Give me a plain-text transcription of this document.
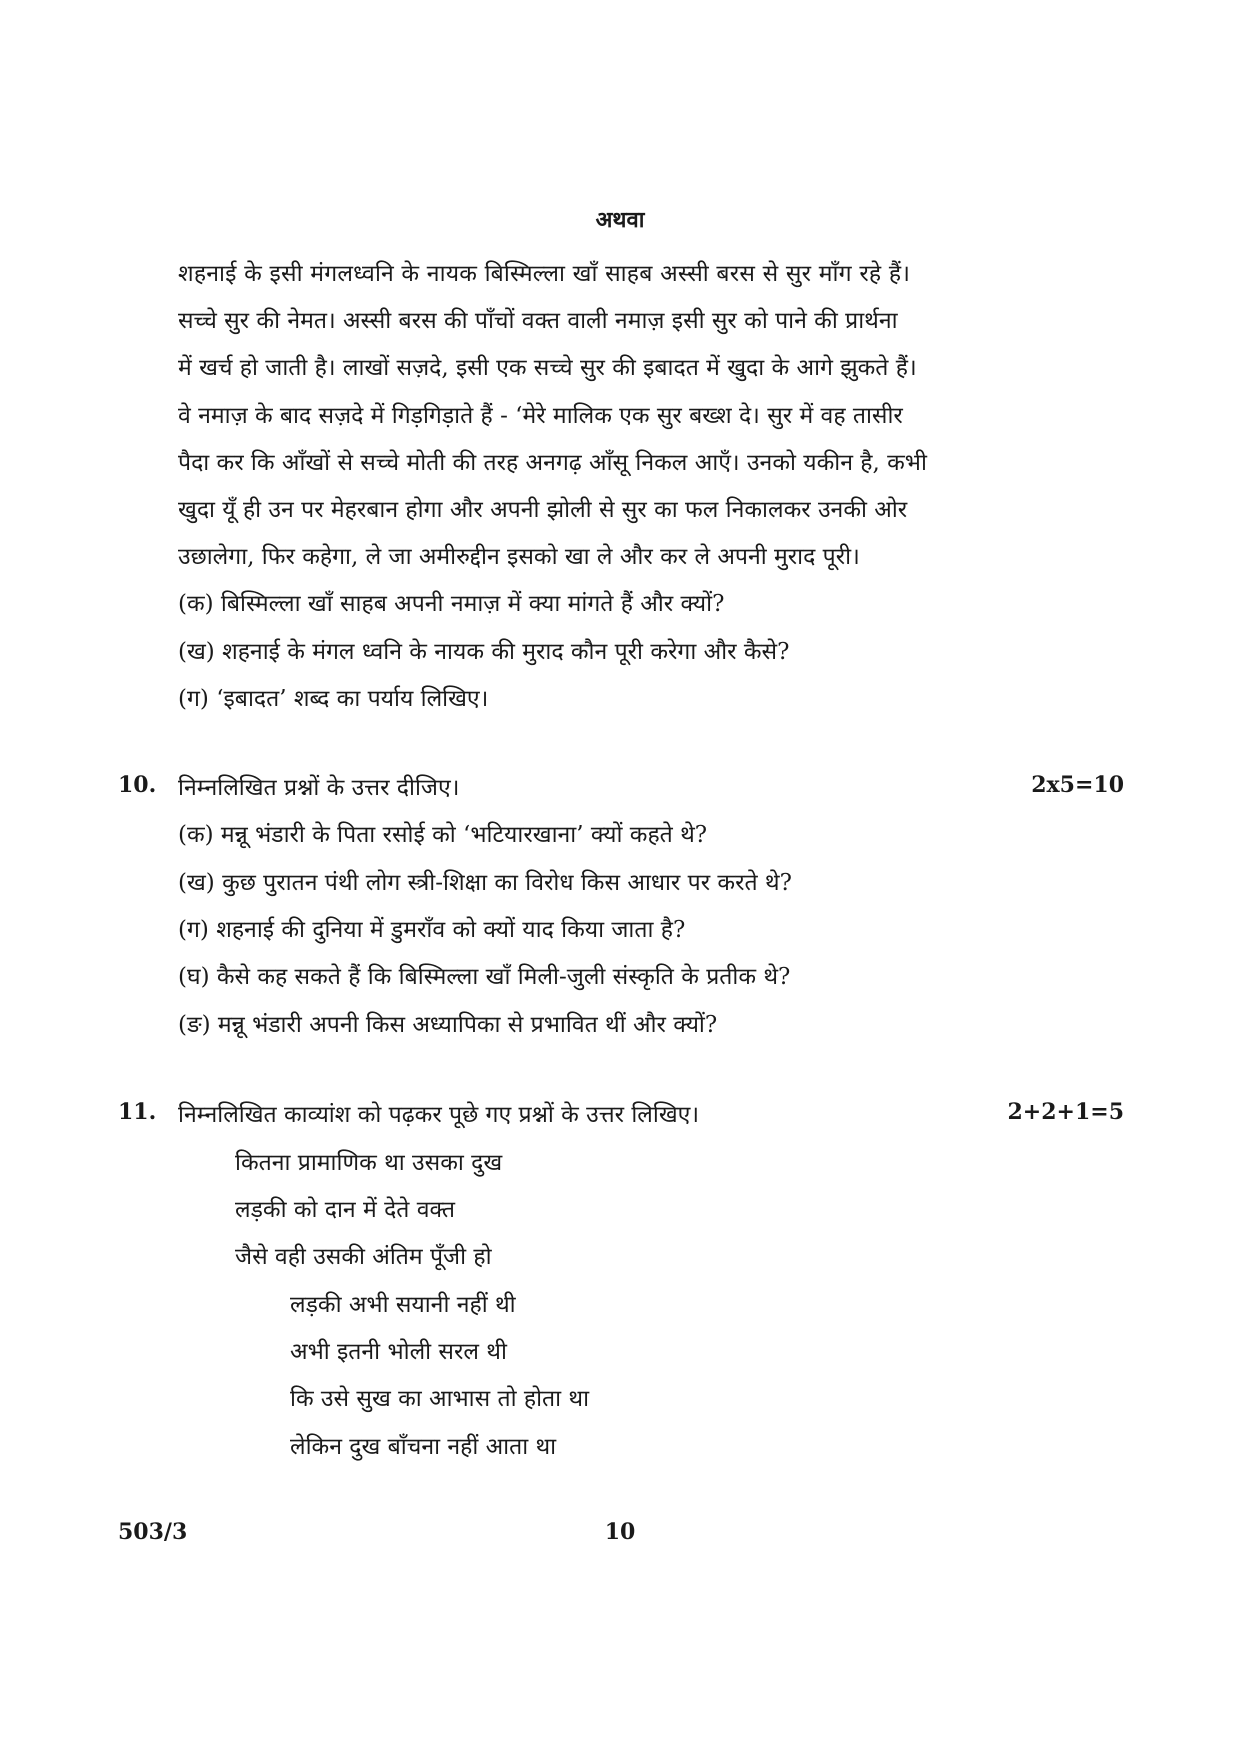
अथवा
शहनाई के इसी मंगलध्वनि के नायक बिस्मिल्ला खाँ साहब अस्सी बरस से सुर माँग रहे हैं।
सच्चे सुर की नेमत। अस्सी बरस की पाँचों वक्त वाली नमाज़ इसी सुर को पाने की प्रार्थना
में खर्च हो जाती है। लाखों सज़दे, इसी एक सच्चे सुर की इबादत में खुदा के आगे झुकते हैं।
वे नमाज़ के बाद सज़दे में गिड़गिड़ाते हैं - ‘मेरे मालिक एक सुर बख्श दे। सुर में वह तासीर
पैदा कर कि आँखों से सच्चे मोती की तरह अनगढ़ आँसू निकल आएँ। उनको यकीन है, कभी
खुदा यूँ ही उन पर मेहरबान होगा और अपनी झोली से सुर का फल निकालकर उनकी ओर
उछालेगा, फिर कहेगा, ले जा अमीरुद्दीन इसको खा ले और कर ले अपनी मुराद पूरी।
(क) बिस्मिल्ला खाँ साहब अपनी नमाज़ में क्या मांगते हैं और क्यों?
(ख) शहनाई के मंगल ध्वनि के नायक की मुराद कौन पूरी करेगा और कैसे?
(ग) ‘इबादत’ शब्द का पर्याय लिखिए।
10. निम्नलिखित प्रश्नों के उत्तर दीजिए।	2x5=10
(क) मन्नू भंडारी के पिता रसोई को ‘भटियारखाना’ क्यों कहते थे?
(ख) कुछ पुरातन पंथी लोग स्त्री-शिक्षा का विरोध किस आधार पर करते थे?
(ग) शहनाई की दुनिया में डुमराँव को क्यों याद किया जाता है?
(घ) कैसे कह सकते हैं कि बिस्मिल्ला खाँ मिली-जुली संस्कृति के प्रतीक थे?
(ङ) मन्नू भंडारी अपनी किस अध्यापिका से प्रभावित थीं और क्यों?
11. निम्नलिखित काव्यांश को पढ़कर पूछे गए प्रश्नों के उत्तर लिखिए।	2+2+1=5
कितना प्रामाणिक था उसका दुख
लड़की को दान में देते वक्त
जैसे वही उसकी अंतिम पूँजी हो
लड़की अभी सयानी नहीं थी
अभी इतनी भोली सरल थी
कि उसे सुख का आभास तो होता था
लेकिन दुख बाँचना नहीं आता था
503/3	10
